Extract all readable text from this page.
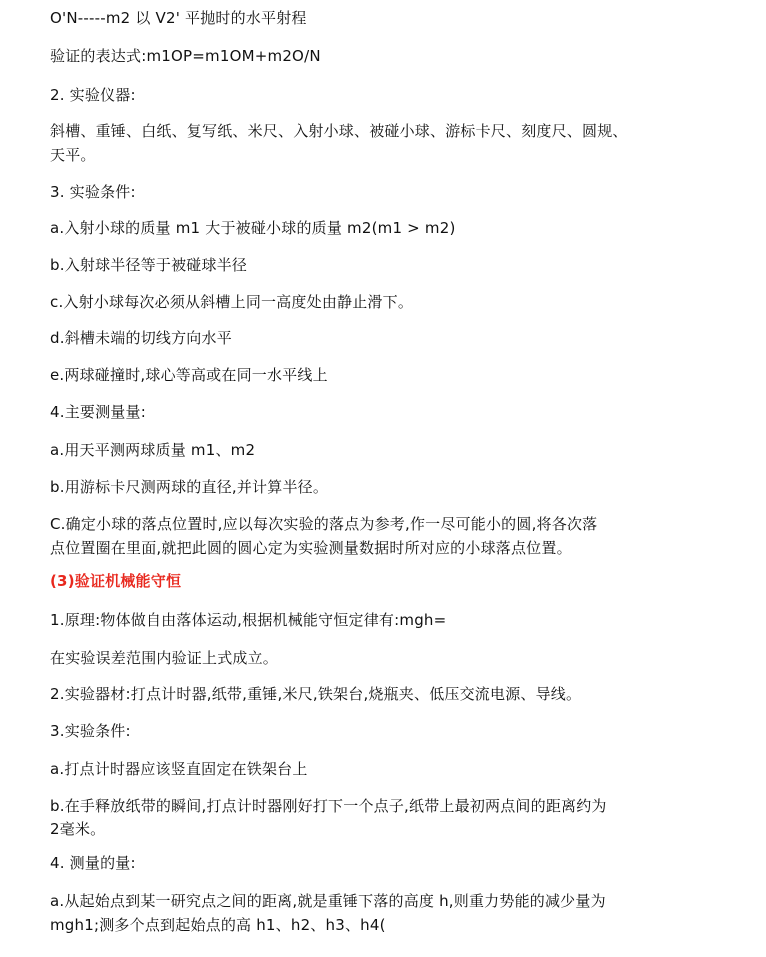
O'N-----m2 以 V2' 平抛时的水平射程
验证的表达式:m1OP=m1OM+m2O/N
2. 实验仪器:
斜槽、重锤、白纸、复写纸、米尺、入射小球、被碰小球、游标卡尺、刻度尺、圆规、
天平。
3. 实验条件:
a.入射小球的质量 m1 大于被碰小球的质量 m2(m1 > m2)
b.入射球半径等于被碰球半径
c.入射小球每次必须从斜槽上同一高度处由静止滑下。
d.斜槽未端的切线方向水平
e.两球碰撞时,球心等高或在同一水平线上
4.主要测量量:
a.用天平测两球质量 m1、m2
b.用游标卡尺测两球的直径,并计算半径。
C.确定小球的落点位置时,应以每次实验的落点为参考,作一尽可能小的圆,将各次落
点位置圈在里面,就把此圆的圆心定为实验测量数据时所对应的小球落点位置。
(3)验证机械能守恒
1.原理:物体做自由落体运动,根据机械能守恒定律有:mgh=
在实验误差范围内验证上式成立。
2.实验器材:打点计时器,纸带,重锤,米尺,铁架台,烧瓶夹、低压交流电源、导线。
3.实验条件:
a.打点计时器应该竖直固定在铁架台上
b.在手释放纸带的瞬间,打点计时器刚好打下一个点子,纸带上最初两点间的距离约为
2毫米。
4. 测量的量:
a.从起始点到某一研究点之间的距离,就是重锤下落的高度 h,则重力势能的减少量为
mgh1;测多个点到起始点的高 h1、h2、h3、h4(
